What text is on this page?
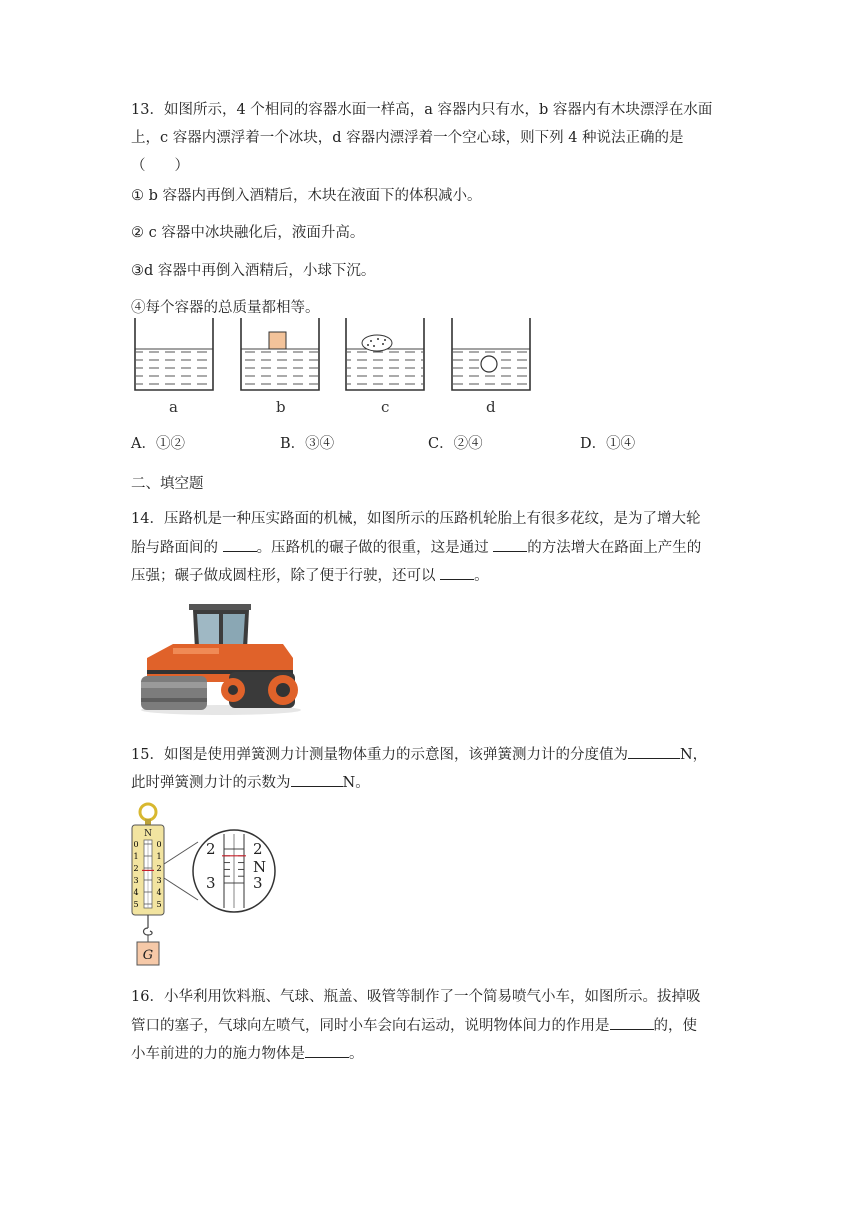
13．如图所示，4 个相同的容器水面一样高，a 容器内只有水，b 容器内有木块漂浮在水面
上，c 容器内漂浮着一个冰块，d 容器内漂浮着一个空心球，则下列 4 种说法正确的是
（　　）
① b 容器内再倒入酒精后，木块在液面下的体积减小。
② c 容器中冰块融化后，液面升高。
③d 容器中再倒入酒精后，小球下沉。
④每个容器的总质量都相等。
a	b	c	d
A．①②	B．③④	C．②④	D．①④
二、填空题
14．压路机是一种压实路面的机械，如图所示的压路机轮胎上有很多花纹，是为了增大轮
胎与路面间的 。压路机的碾子做的很重，这是通过 的方法增大在路面上产生的
压强；碾子做成圆柱形，除了便于行驶，还可以 。
15．如图是使用弹簧测力计测量物体重力的示意图，该弹簧测力计的分度值为	N，
此时弹簧测力计的示数为	N。
N
0 0
1 1
2 2
3 3
4 4
5 5
G
2
3
2
N
3
16．小华利用饮料瓶、气球、瓶盖、吸管等制作了一个简易喷气小车，如图所示。拔掉吸
管口的塞子，气球向左喷气，同时小车会向右运动，说明物体间力的作用是	的，使
小车前进的力的施力物体是	。
